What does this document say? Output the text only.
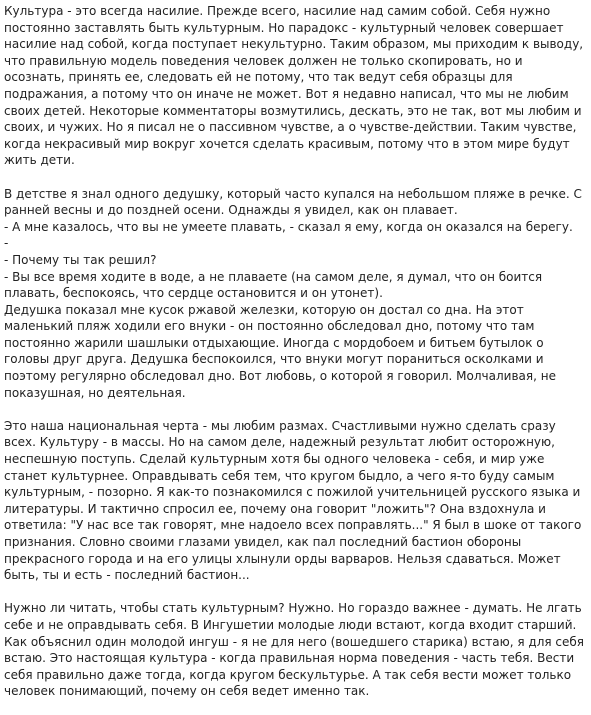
Культура - это всегда насилие. Прежде всего, насилие над самим собой. Себя нужно постоянно заставлять быть культурным. Но парадокс - культурный человек совершает насилие над собой, когда поступает некультурно. Таким образом, мы приходим к выводу, что правильную модель поведения человек должен не только скопировать, но и осознать, принять ее, следовать ей не потому, что так ведут себя образцы для подражания, а потому что он иначе не может. Вот я недавно написал, что мы не любим своих детей. Некоторые комментаторы возмутились, дескать, это не так, вот мы любим и своих, и чужих. Но я писал не о пассивном чувстве, а о чувстве-действии. Таким чувстве, когда некрасивый мир вокруг хочется сделать красивым, потому что в этом мире будут жить дети.

В детстве я знал одного дедушку, который часто купался на небольшом пляже в речке. С ранней весны и до поздней осени. Однажды я увидел, как он плавает.

- А мне казалось, что вы не умеете плавать, - сказал я ему, когда он оказался на берегу.

-

- Почему ты так решил?

- Вы все время ходите в воде, а не плаваете (на самом деле, я думал, что он боится плавать, беспокоясь, что сердце остановится и он утонет).

Дедушка показал мне кусок ржавой железки, которую он достал со дна. На этот маленький пляж ходили его внуки - он постоянно обследовал дно, потому что там постоянно жарили шашлыки отдыхающие. Иногда с мордобоем и битьем бутылок о головы друг друга. Дедушка беспокоился, что внуки могут пораниться осколками и поэтому регулярно обследовал дно. Вот любовь, о которой я говорил. Молчаливая, не показушная, но деятельная.

Это наша национальная черта - мы любим размах. Счастливыми нужно сделать сразу всех. Культуру - в массы. Но на самом деле, надежный результат любит осторожную, неспешную поступь. Сделай культурным хотя бы одного человека - себя, и мир уже станет культурнее. Оправдывать себя тем, что кругом быдло, а чего я-то буду самым культурным, - позорно. Я как-то познакомился с пожилой учительницей русского языка и литературы. И тактично спросил ее, почему она говорит "ложить"? Она вздохнула и ответила: "У нас все так говорят, мне надоело всех поправлять..." Я был в шоке от такого признания. Словно своими глазами увидел, как пал последний бастион обороны прекрасного города и на его улицы хлынули орды варваров. Нельзя сдаваться. Может быть, ты и есть - последний бастион...

Нужно ли читать, чтобы стать культурным? Нужно. Но гораздо важнее - думать. Не лгать себе и не оправдывать себя. В Ингушетии молодые люди встают, когда входит старший. Как объяснил один молодой ингуш - я не для него (вошедшего старика) встаю, я для себя встаю. Это настоящая культура - когда правильная норма поведения - часть тебя. Вести себя правильно даже тогда, когда кругом бескультурье. А так себя вести может только человек понимающий, почему он себя ведет именно так.
